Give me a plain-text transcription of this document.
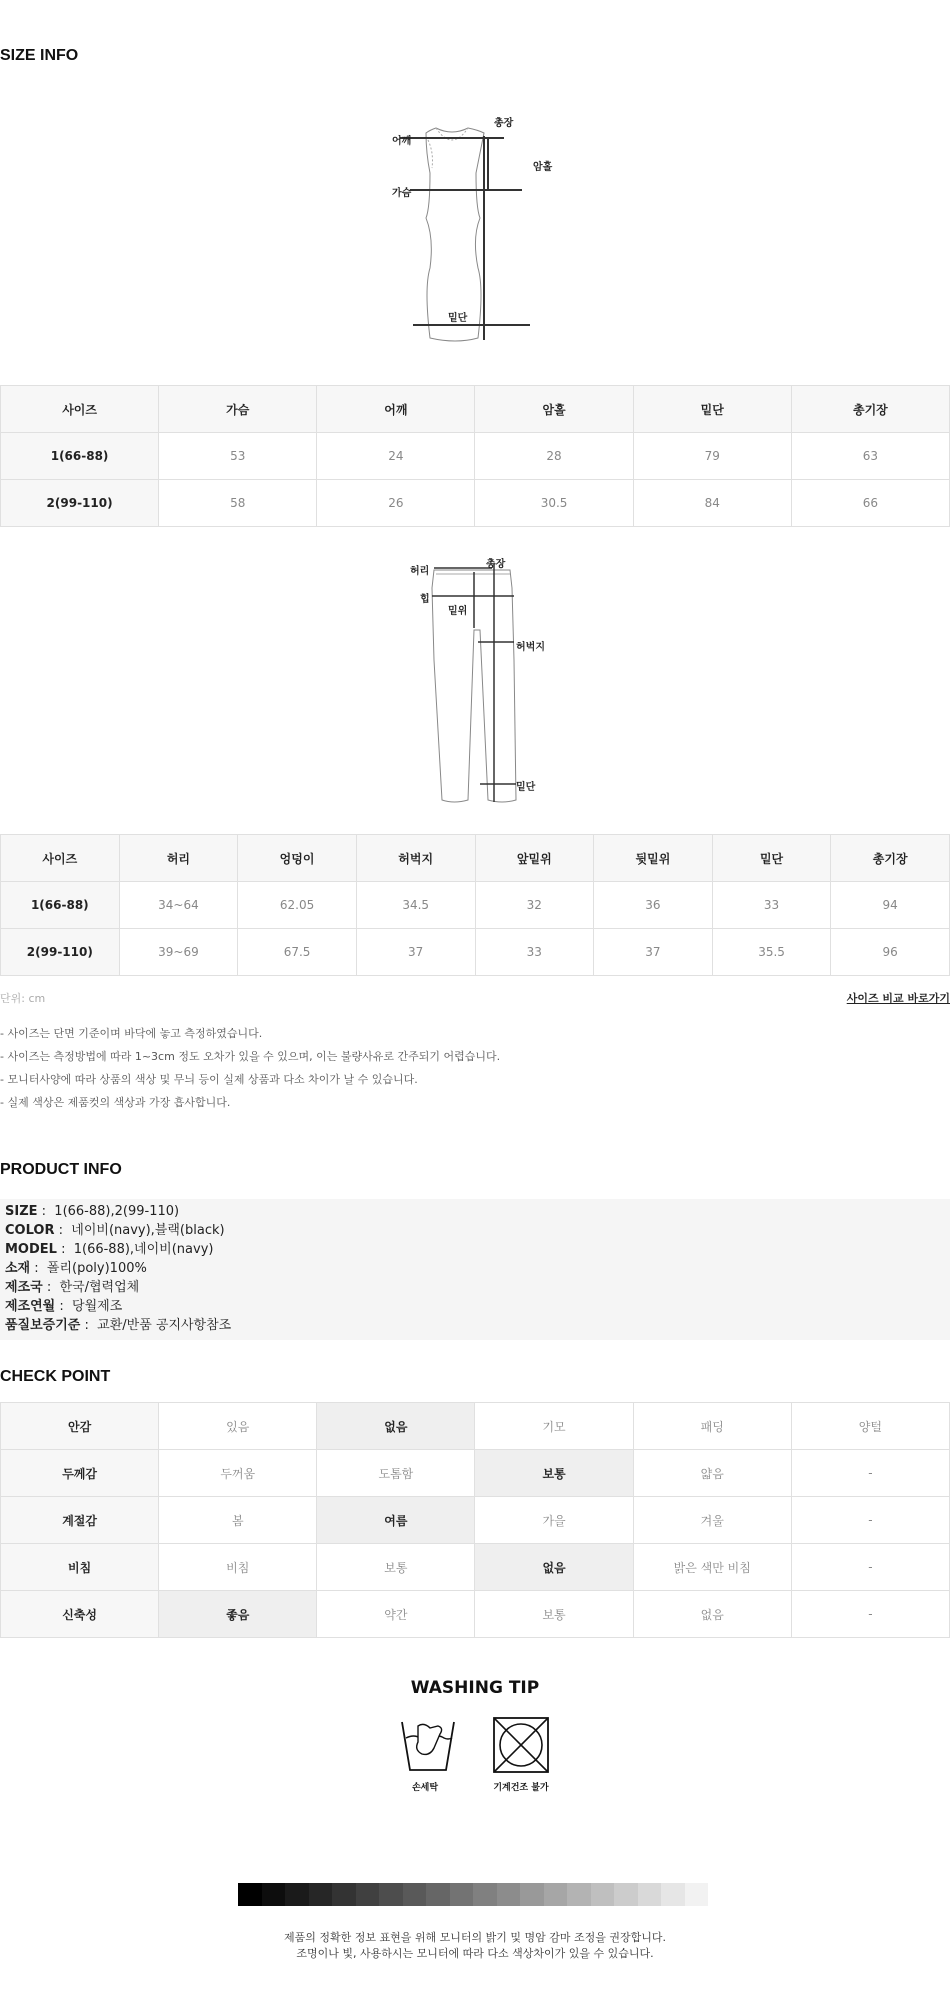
SIZE INFO
총장
어깨
암홀
가슴
밑단
사이즈	가슴	어깨	암홀	밑단	총기장
1(66-88)	53	24	28	79	63
2(99-110)	58	26	30.5	84	66
허리
총장
힙
밑위
허벅지
밑단
사이즈	허리	엉덩이	허벅지	앞밑위	뒷밑위	밑단	총기장
1(66-88)	34~64	62.05	34.5	32	36	33	94
2(99-110)	39~69	67.5	37	33	37	35.5	96
단위: cm	사이즈 비교 바로가기
- 사이즈는 단면 기준이며 바닥에 놓고 측정하였습니다.
- 사이즈는 측정방법에 따라 1~3cm 정도 오차가 있을 수 있으며, 이는 불량사유로 간주되기 어렵습니다.
- 모니터사양에 따라 상품의 색상 및 무늬 등이 실제 상품과 다소 차이가 날 수 있습니다.
- 실제 색상은 제품컷의 색상과 가장 흡사합니다.
PRODUCT INFO
SIZE :  1(66-88),2(99-110)
COLOR :  네이비(navy),블랙(black)
MODEL :  1(66-88),네이비(navy)
소재 :  폴리(poly)100%
제조국 :  한국/협력업체
제조연월 :  당월제조
품질보증기준 :  교환/반품 공지사항참조
CHECK POINT
안감	있음	없음	기모	패딩	양털
두께감	두꺼움	도톰함	보통	얇음	-
계절감	봄	여름	가을	겨울	-
비침	비침	보통	없음	밝은 색만 비침	-
신축성	좋음	약간	보통	없음	-
WASHING TIP
손세탁	기계건조 불가
제품의 정확한 정보 표현을 위해 모니터의 밝기 및 명암 감마 조정을 권장합니다.
조명이나 빛, 사용하시는 모니터에 따라 다소 색상차이가 있을 수 있습니다.
